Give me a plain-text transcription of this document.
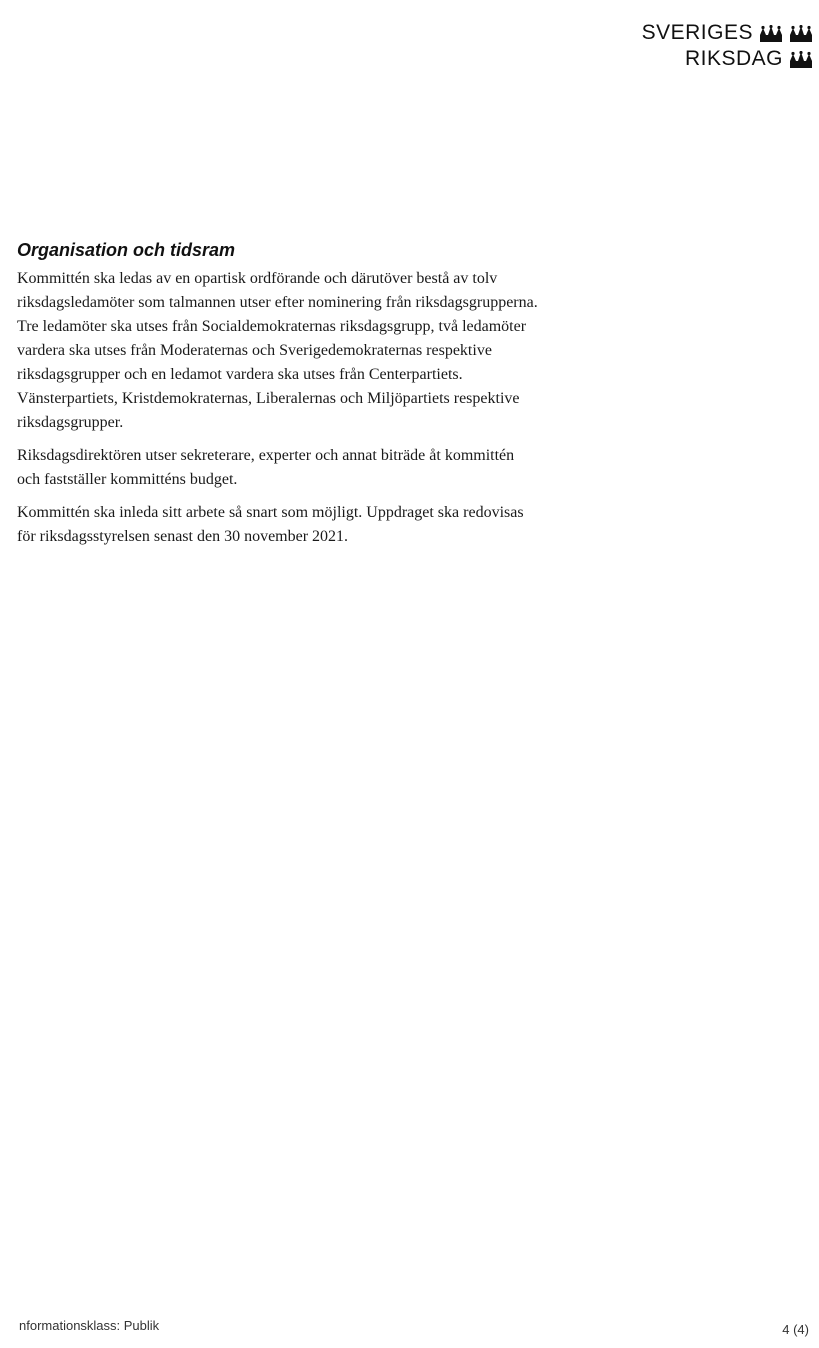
SVERIGES
RIKSDAG
Organisation och tidsram

Kommittén ska ledas av en opartisk ordförande och därutöver bestå av tolv
riksdagsledamöter som talmannen utser efter nominering från riksdagsgrupperna.
Tre ledamöter ska utses från Socialdemokraternas riksdagsgrupp, två ledamöter
vardera ska utses från Moderaternas och Sverigedemokraternas respektive
riksdagsgrupper och en ledamot vardera ska utses från Centerpartiets.
Vänsterpartiets, Kristdemokraternas, Liberalernas och Miljöpartiets respektive
riksdagsgrupper.

Riksdagsdirektören utser sekreterare, experter och annat biträde åt kommittén
och fastställer kommitténs budget.

Kommittén ska inleda sitt arbete så snart som möjligt. Uppdraget ska redovisas
för riksdagsstyrelsen senast den 30 november 2021.

nformationsklass: Publik	4 (4)
